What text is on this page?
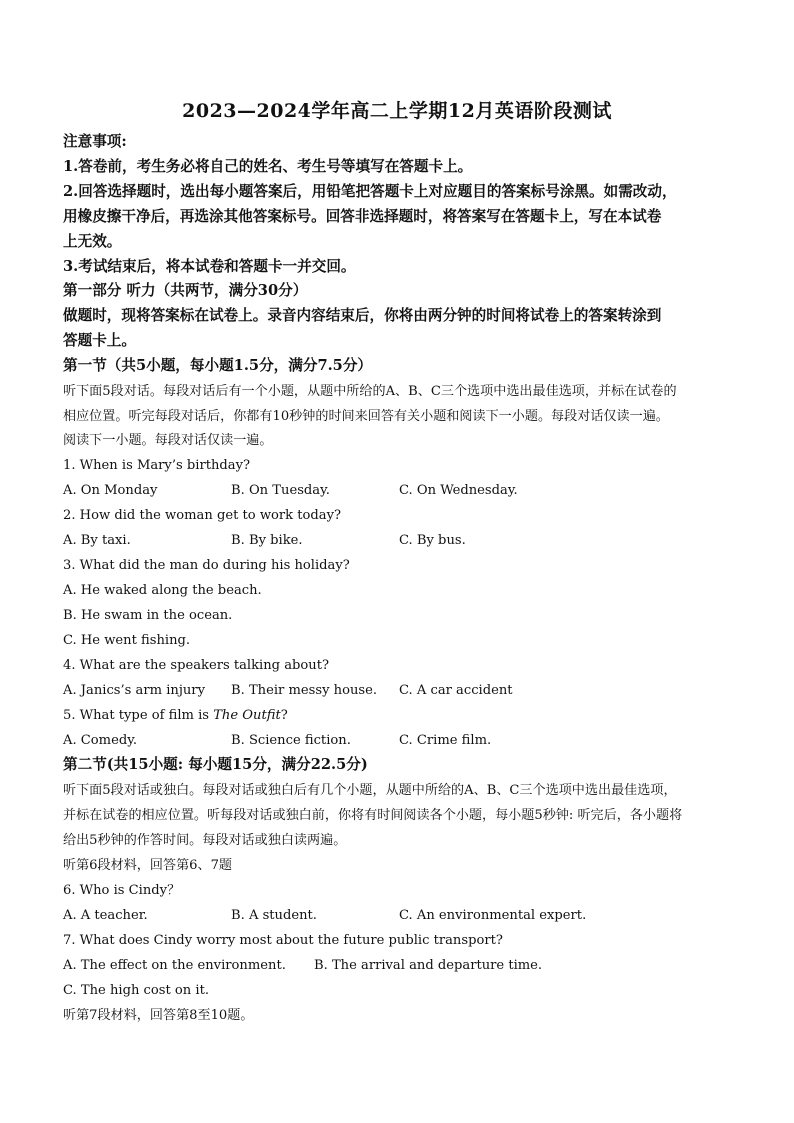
2023—2024学年高二上学期12月英语阶段测试
注意事项:
1.答卷前，考生务必将自己的姓名、考生号等填写在答题卡上。
2.回答选择题时，选出每小题答案后，用铅笔把答题卡上对应题目的答案标号涂黑。如需改动，
用橡皮擦干净后，再选涂其他答案标号。回答非选择题时，将答案写在答题卡上，写在本试卷
上无效。
3.考试结束后，将本试卷和答题卡一并交回。
第一部分 听力（共两节，满分30分）
做题时，现将答案标在试卷上。录音内容结束后，你将由两分钟的时间将试卷上的答案转涂到
答题卡上。
第一节（共5小题，每小题1.5分，满分7.5分）
听下面5段对话。每段对话后有一个小题，从题中所给的A、B、C三个选项中选出最佳选项，并标在试卷的
相应位置。听完每段对话后，你都有10秒钟的时间来回答有关小题和阅读下一小题。每段对话仅读一遍。
阅读下一小题。每段对话仅读一遍。
1. When is Mary’s birthday?
A. On Monday	B. On Tuesday.	C. On Wednesday.
2. How did the woman get to work today?
A. By taxi.	B. By bike.	C. By bus.
3. What did the man do during his holiday?
A. He waked along the beach.
B. He swam in the ocean.
C. He went fishing.
4. What are the speakers talking about?
A. Janics’s arm injury B. Their messy house. C. A car accident
5. What type of film is The Outfit?
A. Comedy.	B. Science fiction.	C. Crime film.
第二节(共15小题: 每小题15分，满分22.5分)
听下面5段对话或独白。每段对话或独白后有几个小题，从题中所给的A、B、C三个选项中选出最佳选项，
并标在试卷的相应位置。听每段对话或独白前，你将有时间阅读各个小题，每小题5秒钟: 听完后，各小题将
给出5秒钟的作答时间。每段对话或独白读两遍。
听第6段材料，回答第6、7题
6. Who is Cindy？
A. A teacher.	B. A student.	C. An environmental expert.
7. What does Cindy worry most about the future public transport?
A. The effect on the environment. B. The arrival and departure time.
C. The high cost on it.
听第7段材料，回答第8至10题。
